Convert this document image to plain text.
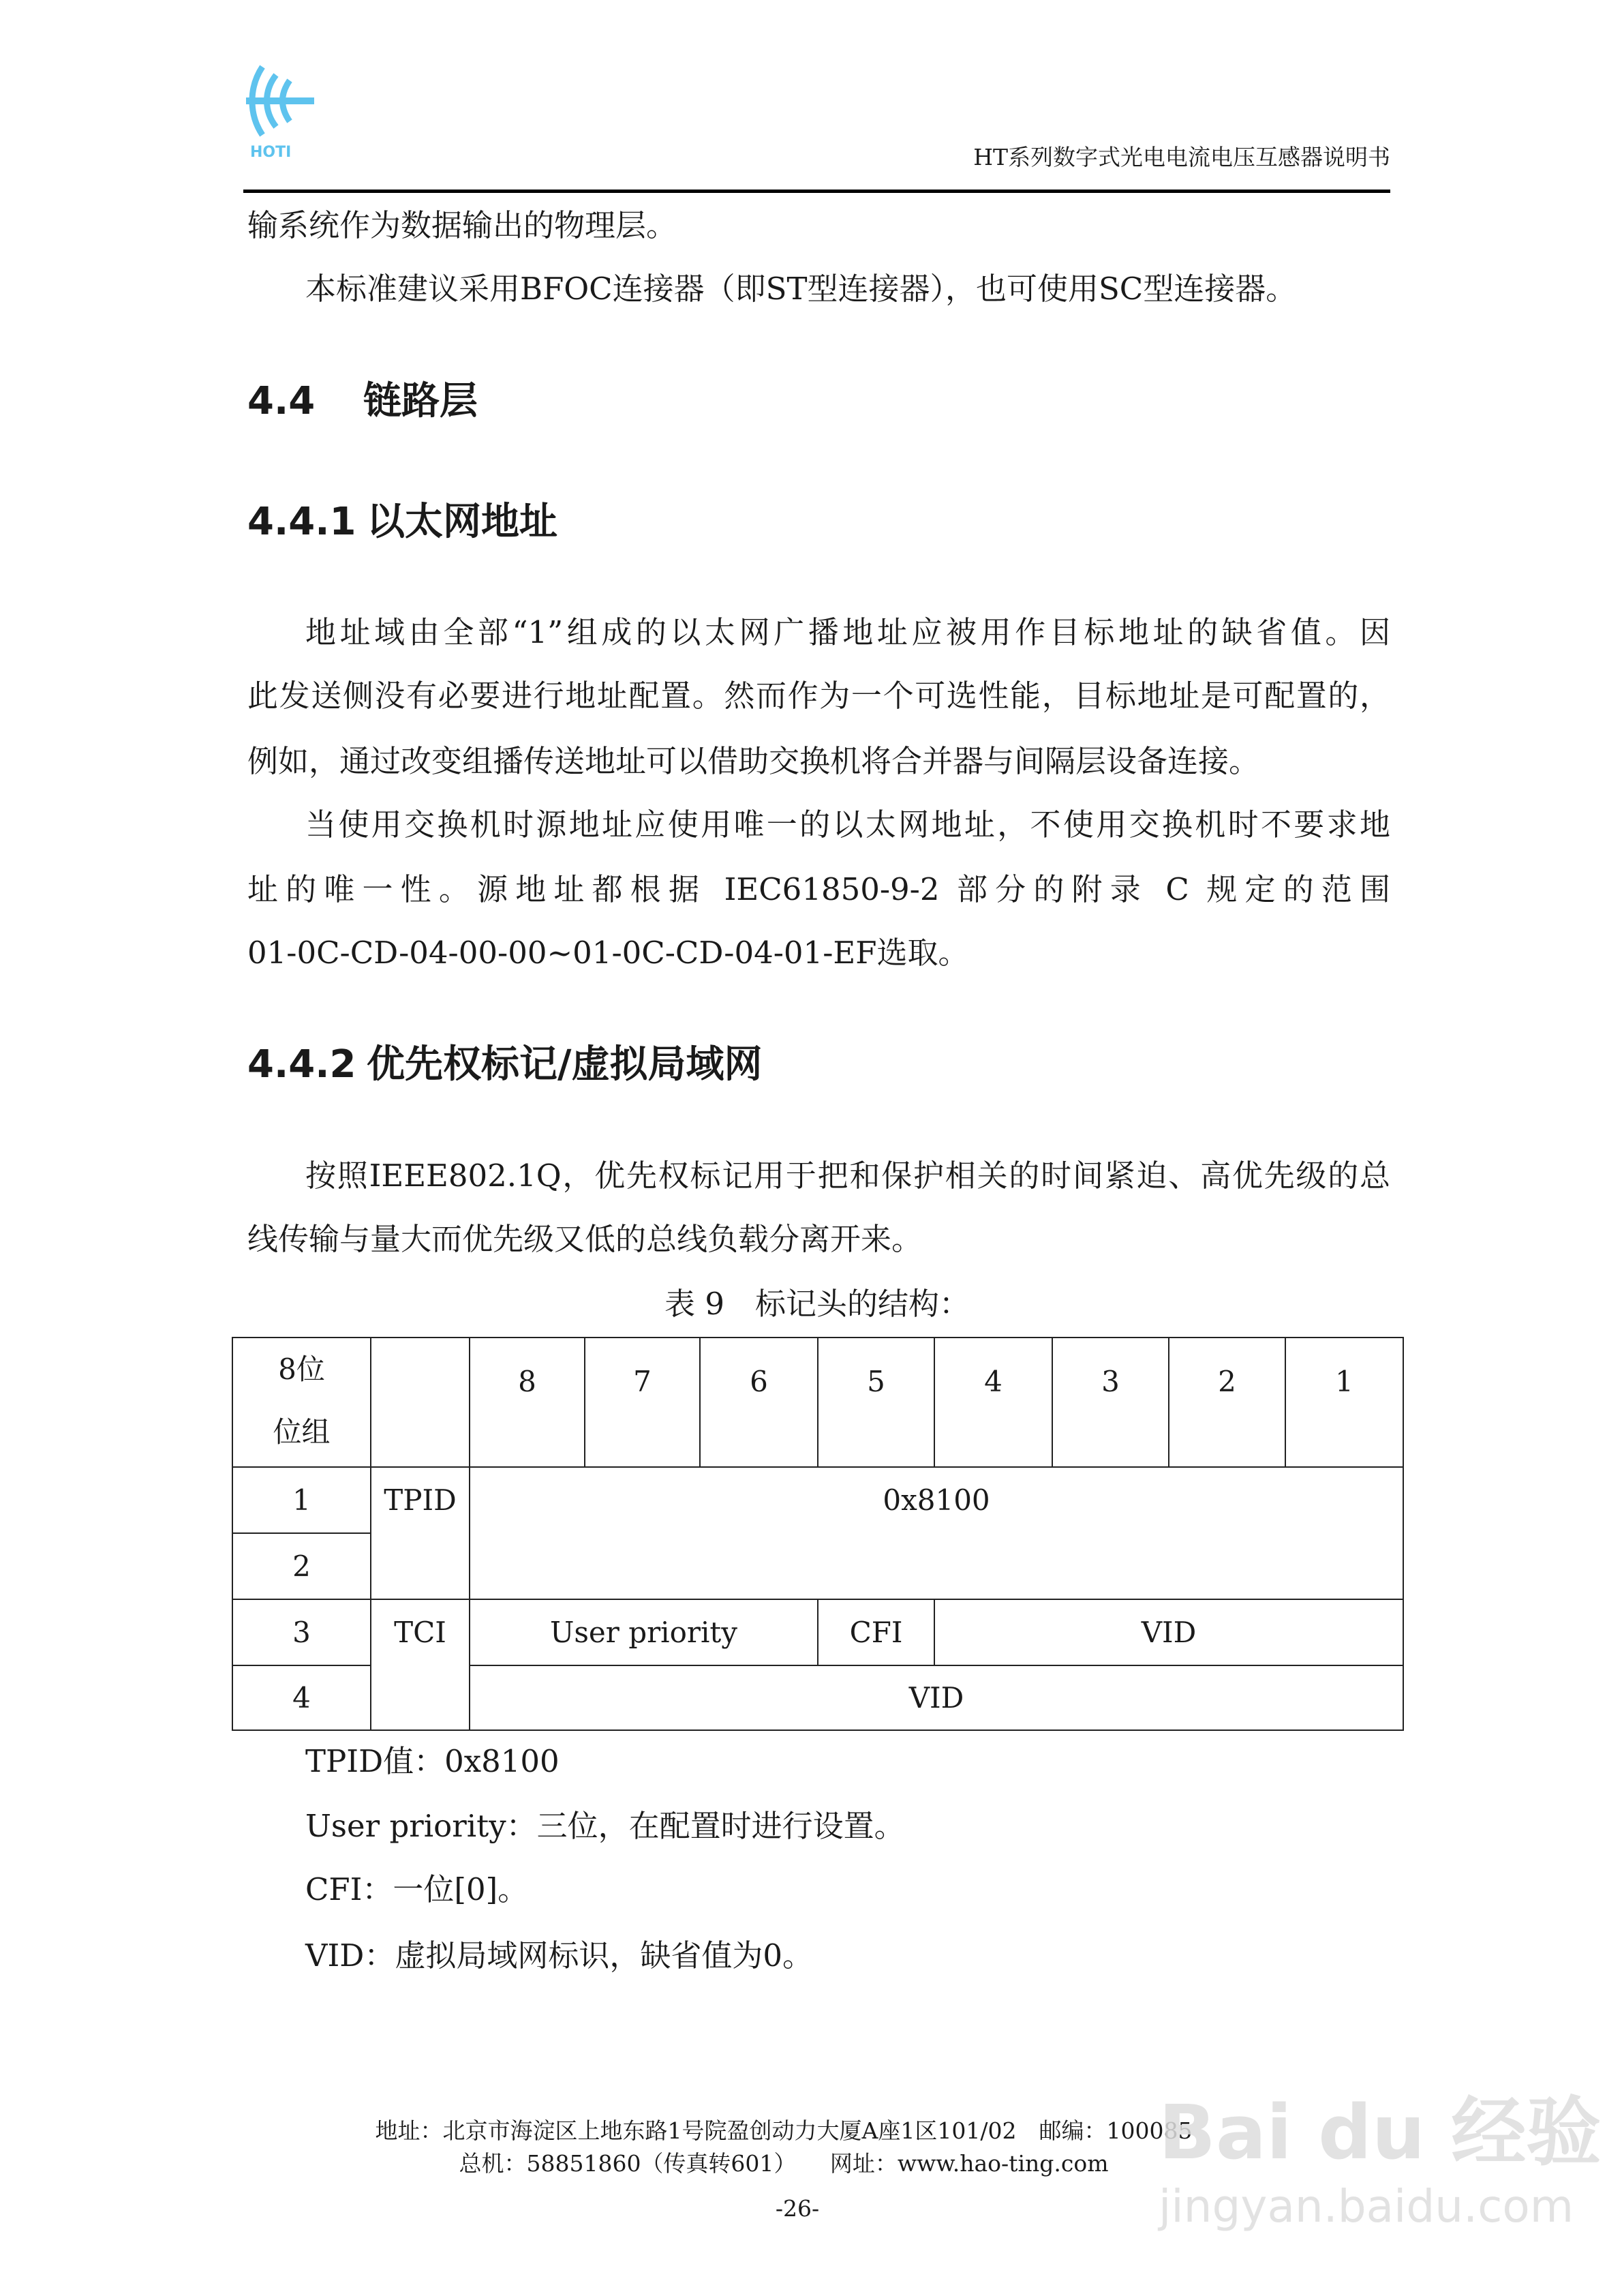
HOTI	HT系列数字式光电电流电压互感器说明书
输系统作为数据输出的物理层。
本标准建议采用BFOC连接器（即ST型连接器），也可使用SC型连接器。
4.4 链路层
4.4.1 以太网地址
地址域由全部“1”组成的以太网广播地址应被用作目标地址的缺省值。因
此发送侧没有必要进行地址配置。然而作为一个可选性能，目标地址是可配置的，
例如，通过改变组播传送地址可以借助交换机将合并器与间隔层设备连接。
当使用交换机时源地址应使用唯一的以太网地址，不使用交换机时不要求地
址的唯一性。源地址都根据 IEC61850-9-2 部分的附录 C 规定的范围
01-0C-CD-04-00-00~01-0C-CD-04-01-EF选取。
4.4.2 优先权标记/虚拟局域网
按照IEEE802.1Q，优先权标记用于把和保护相关的时间紧迫、高优先级的总
线传输与量大而优先级又低的总线负载分离开来。
表 9　标记头的结构：
8位
位组		8	7	6	5	4	3	2	1
1	TPID	0x8100							
2									
3	TCI	User priority			CFI	VID			
4		VID							
TPID值：0x8100
User priority：三位，在配置时进行设置。
CFI：一位[0]。
VID：虚拟局域网标识，缺省值为0。
地址：北京市海淀区上地东路1号院盈创动力大厦A座1区101/02　邮编：100085
总机：58851860（传真转601）　　网址：www.hao-ting.com
-26-
Bai du 经验
jingyan.baidu.com
